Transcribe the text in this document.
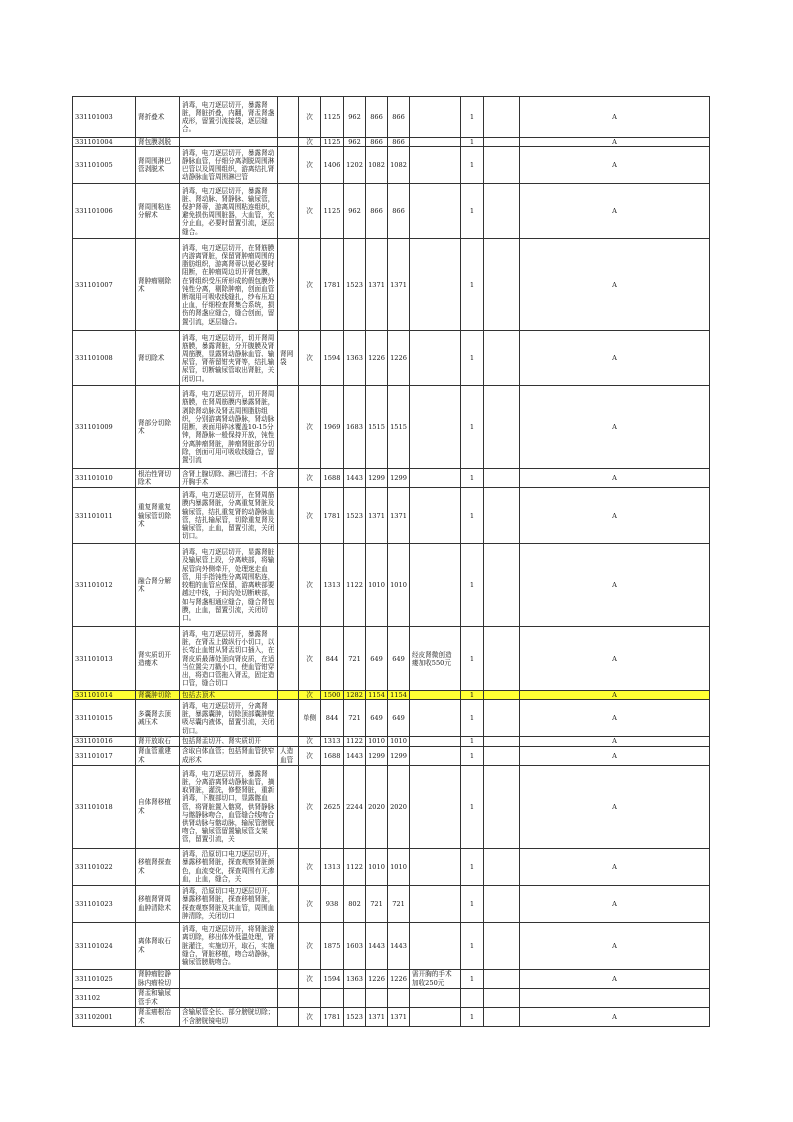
331101003	肾折叠术	消毒，电刀逐层切开，暴露肾脏，肾脏折叠，内翻，肾盂肾盏成形，留置引流接袋，逐层缝合。		次	1125	962	866	866		1		A
331101004	肾包膜剥脱			次	1125	962	866	866		1		A
331101005	肾周围淋巴管剥脱术	消毒，电刀逐层切开，暴露肾动静脉血管，仔细分离剥脱周围淋巴管以及周围组织，游离结扎肾动静脉血管周围淋巴管		次	1406	1202	1082	1082		1		A
331101006	肾周围粘连分解术	消毒，电刀逐层切开，暴露肾脏、肾动脉、肾静脉、输尿管，保护肾蒂，游离周围粘连组织，避免损伤周围脏器，大血管，充分止血，必要时留置引流，逐层缝合。		次	1125	962	866	866		1		A
331101007	肾肿瘤剔除术	消毒，电刀逐层切开，在肾筋膜内游离肾脏，保留肾肿瘤周围的脂肪组织，游离肾蒂以便必要时阻断，在肿瘤周边切开肾包膜，在肾组织受压所形成的假包膜外钝性分离，剔除肿瘤，创面血管断端用可吸收线缝扎，纱布压迫止血，仔细检查肾集合系统，损伤的肾盏应缝合，缝合创面，留置引流，逐层缝合。		次	1781	1523	1371	1371		1		A
331101008	肾切除术	消毒，电刀逐层切开，切开肾周筋膜，暴露肾脏，分开腹膜及肾周筋膜，显露肾动静脉血管、输尿管，肾蒂留钳夹肾等，结扎输尿管，切断输尿管取出肾脏，关闭切口。	肾网袋	次	1594	1363	1226	1226		1		A
331101009	肾部分切除术	消毒，电刀逐层切开，切开肾周筋膜，在肾周筋膜内暴露肾脏，剥除肾动脉及肾盂周围脂肪组织，分别游离肾动静脉，肾动脉阻断，表面用碎冰覆盖10-15分钟，肾静脉一般保持开放，钝性分离肿瘤肾脏，肿瘤肾脏部分切除，创面可用可吸收线缝合，留置引流		次	1969	1683	1515	1515		1		A
331101010	根治性肾切除术	含肾上腺切除、淋巴清扫；不含开胸手术		次	1688	1443	1299	1299		1		A
331101011	重复肾重复输尿管切除术	消毒，电刀逐层切开，在肾周筋膜内暴露肾脏，分离重复肾脏及输尿管，结扎重复肾的动静脉血管，结扎输尿管，切除重复肾及输尿管，止血，留置引流，关闭切口。		次	1781	1523	1371	1371		1		A
331101012	融合肾分解术	消毒，电刀逐层切开，显露肾脏及输尿管上段，分离峡部，将输尿管向外侧牵开，处理迷走血管，用手指钝性分离周围粘连，较粗的血管应保留，游离峡部要越过中线，于间沟处切断峡部，如与肾盏相通应缝合，缝合肾包膜，止血，留置引流，关闭切口。		次	1313	1122	1010	1010		1		A
331101013	肾实质切开造瘘术	消毒，电刀逐层切开，暴露肾脏，在肾盂上做纵行小切口，以长弯止血钳从肾盂切口插入，在肾皮质最薄处顶向肾皮质，在适当位置尖刀戳小口，使血管钳穿出，将造口管拖入肾盂，固定造口管，缝合切口		次	844	721	649	649	经皮肾微创造瘘加收550元	1		A
331101014	肾囊肿切除	包括去顶术		次	1500	1282	1154	1154		1		A
331101015	多囊肾去顶减压术	消毒，电刀逐层切开，分离肾脏，暴露囊肿，切除顶部囊肿壁吸尽囊内液体，留置引流，关闭切口。		单侧	844	721	649	649		1		A
331101016	肾开放取石	包括肾盂切开、肾实质切开		次	1313	1122	1010	1010		1		A
331101017	肾血管重建术	含取自体血管；包括肾血管狭窄成形术	人造血管	次	1688	1443	1299	1299		1		A
331101018	自体肾移植术	消毒，电刀逐层切开，暴露肾脏，分离游离肾动静脉血管，摘取肾脏，灌洗，修整肾脏，重新消毒，下腹部切口，显露髂血管，将肾脏置入髂窝，供肾静脉与髂静脉吻合，血管缝合线吻合供肾动脉与髂动脉，输尿管膀胱吻合，输尿管留置输尿管支架管，留置引流，关		次	2625	2244	2020	2020		1		A
331101022	移植肾探查术	消毒，沿原切口电刀逐层切开，暴露移植肾脏，探查观察肾脏颜色，血流变化，探查周围有无渗血，止血，缝合，关		次	1313	1122	1010	1010		1		A
331101023	移植肾肾周血肿清除术	消毒，沿原切口电刀逐层切开，暴露移植肾脏，探查移植肾脏，探查观察肾脏及其血管，周围血肿清除，关闭切口		次	938	802	721	721		1		A
331101024	离体肾取石术	消毒，电刀逐层切开，将肾脏游离切除，移出体外低温处理，肾脏灌注，实施切开，取石，实施缝合，肾脏移植，吻合动静脉，输尿管膀胱吻合。		次	1875	1603	1443	1443		1		A
331101025	肾肿瘤腔静脉内瘤栓切			次	1594	1363	1226	1226	需开胸的手术加收250元	1		A
331102	肾盂和输尿管手术											
331102001	肾盂癌根治术	含输尿管全长、部分膀胱切除；不含膀胱镜电切		次	1781	1523	1371	1371		1		A
